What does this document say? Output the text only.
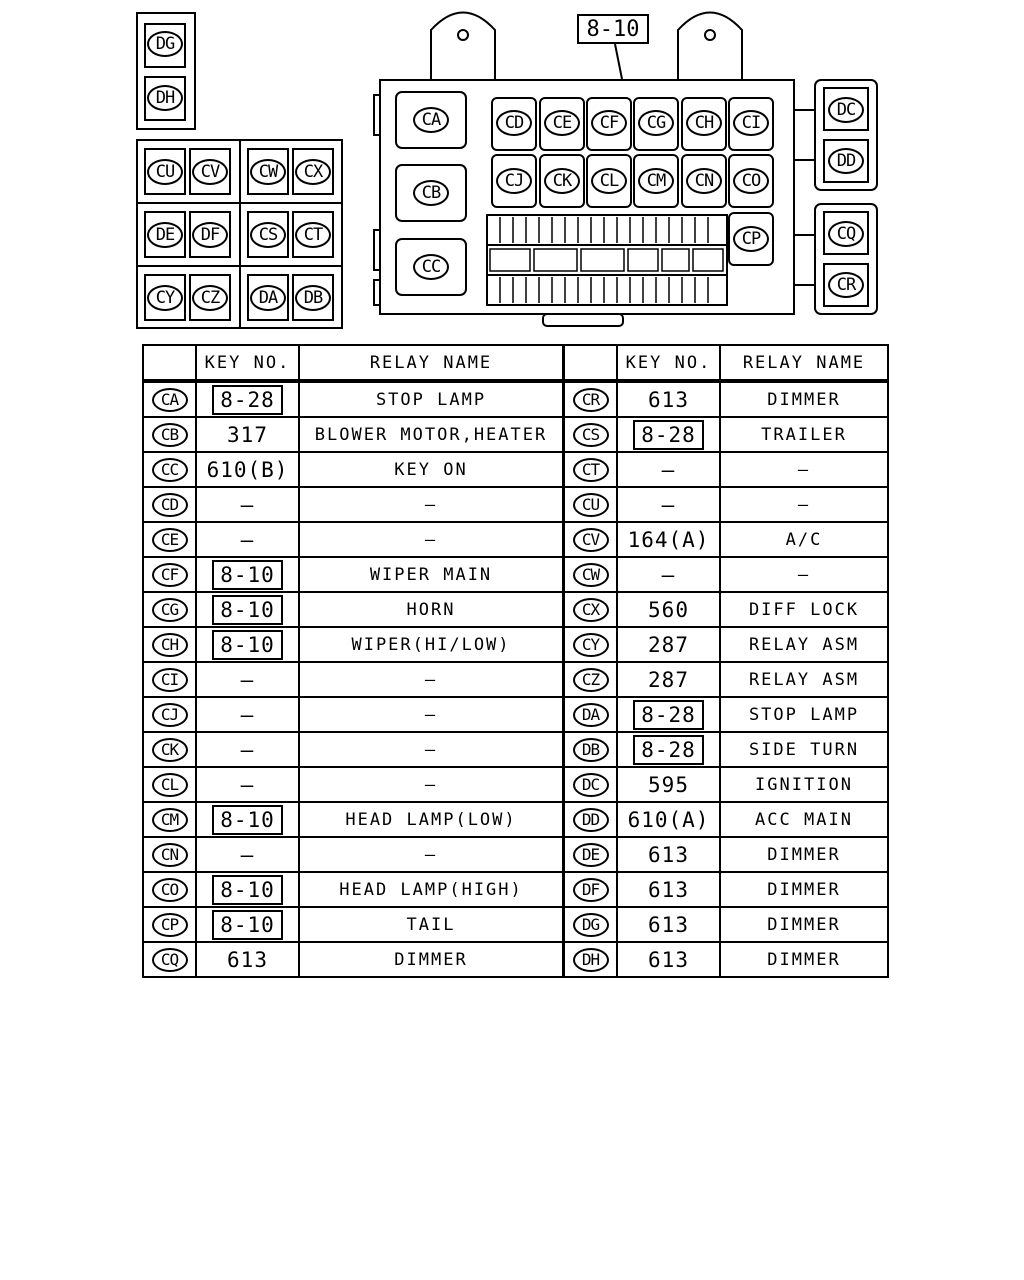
8-10
DG
DH
CU	CV	CW	CX
DE	DF	CS	CT
CY	CZ	DA	DB
CA
CB
CC
CD	CE	CF	CG	CH	CI
CJ	CK	CL	CM	CN	CO
CP
DC
DD
CQ
CR
	KEY NO.	RELAY NAME		KEY NO.	RELAY NAME
CA	8-28	STOP LAMP	CR	613	DIMMER
CB	317	BLOWER MOTOR,HEATER	CS	8-28	TRAILER
CC	610(B)	KEY ON	CT	—	—
CD	—	—	CU	—	—
CE	—	—	CV	164(A)	A/C
CF	8-10	WIPER MAIN	CW	—	—
CG	8-10	HORN	CX	560	DIFF LOCK
CH	8-10	WIPER(HI/LOW)	CY	287	RELAY ASM
CI	—	—	CZ	287	RELAY ASM
CJ	—	—	DA	8-28	STOP LAMP
CK	—	—	DB	8-28	SIDE TURN
CL	—	—	DC	595	IGNITION
CM	8-10	HEAD LAMP(LOW)	DD	610(A)	ACC MAIN
CN	—	—	DE	613	DIMMER
CO	8-10	HEAD LAMP(HIGH)	DF	613	DIMMER
CP	8-10	TAIL	DG	613	DIMMER
CQ	613	DIMMER	DH	613	DIMMER
